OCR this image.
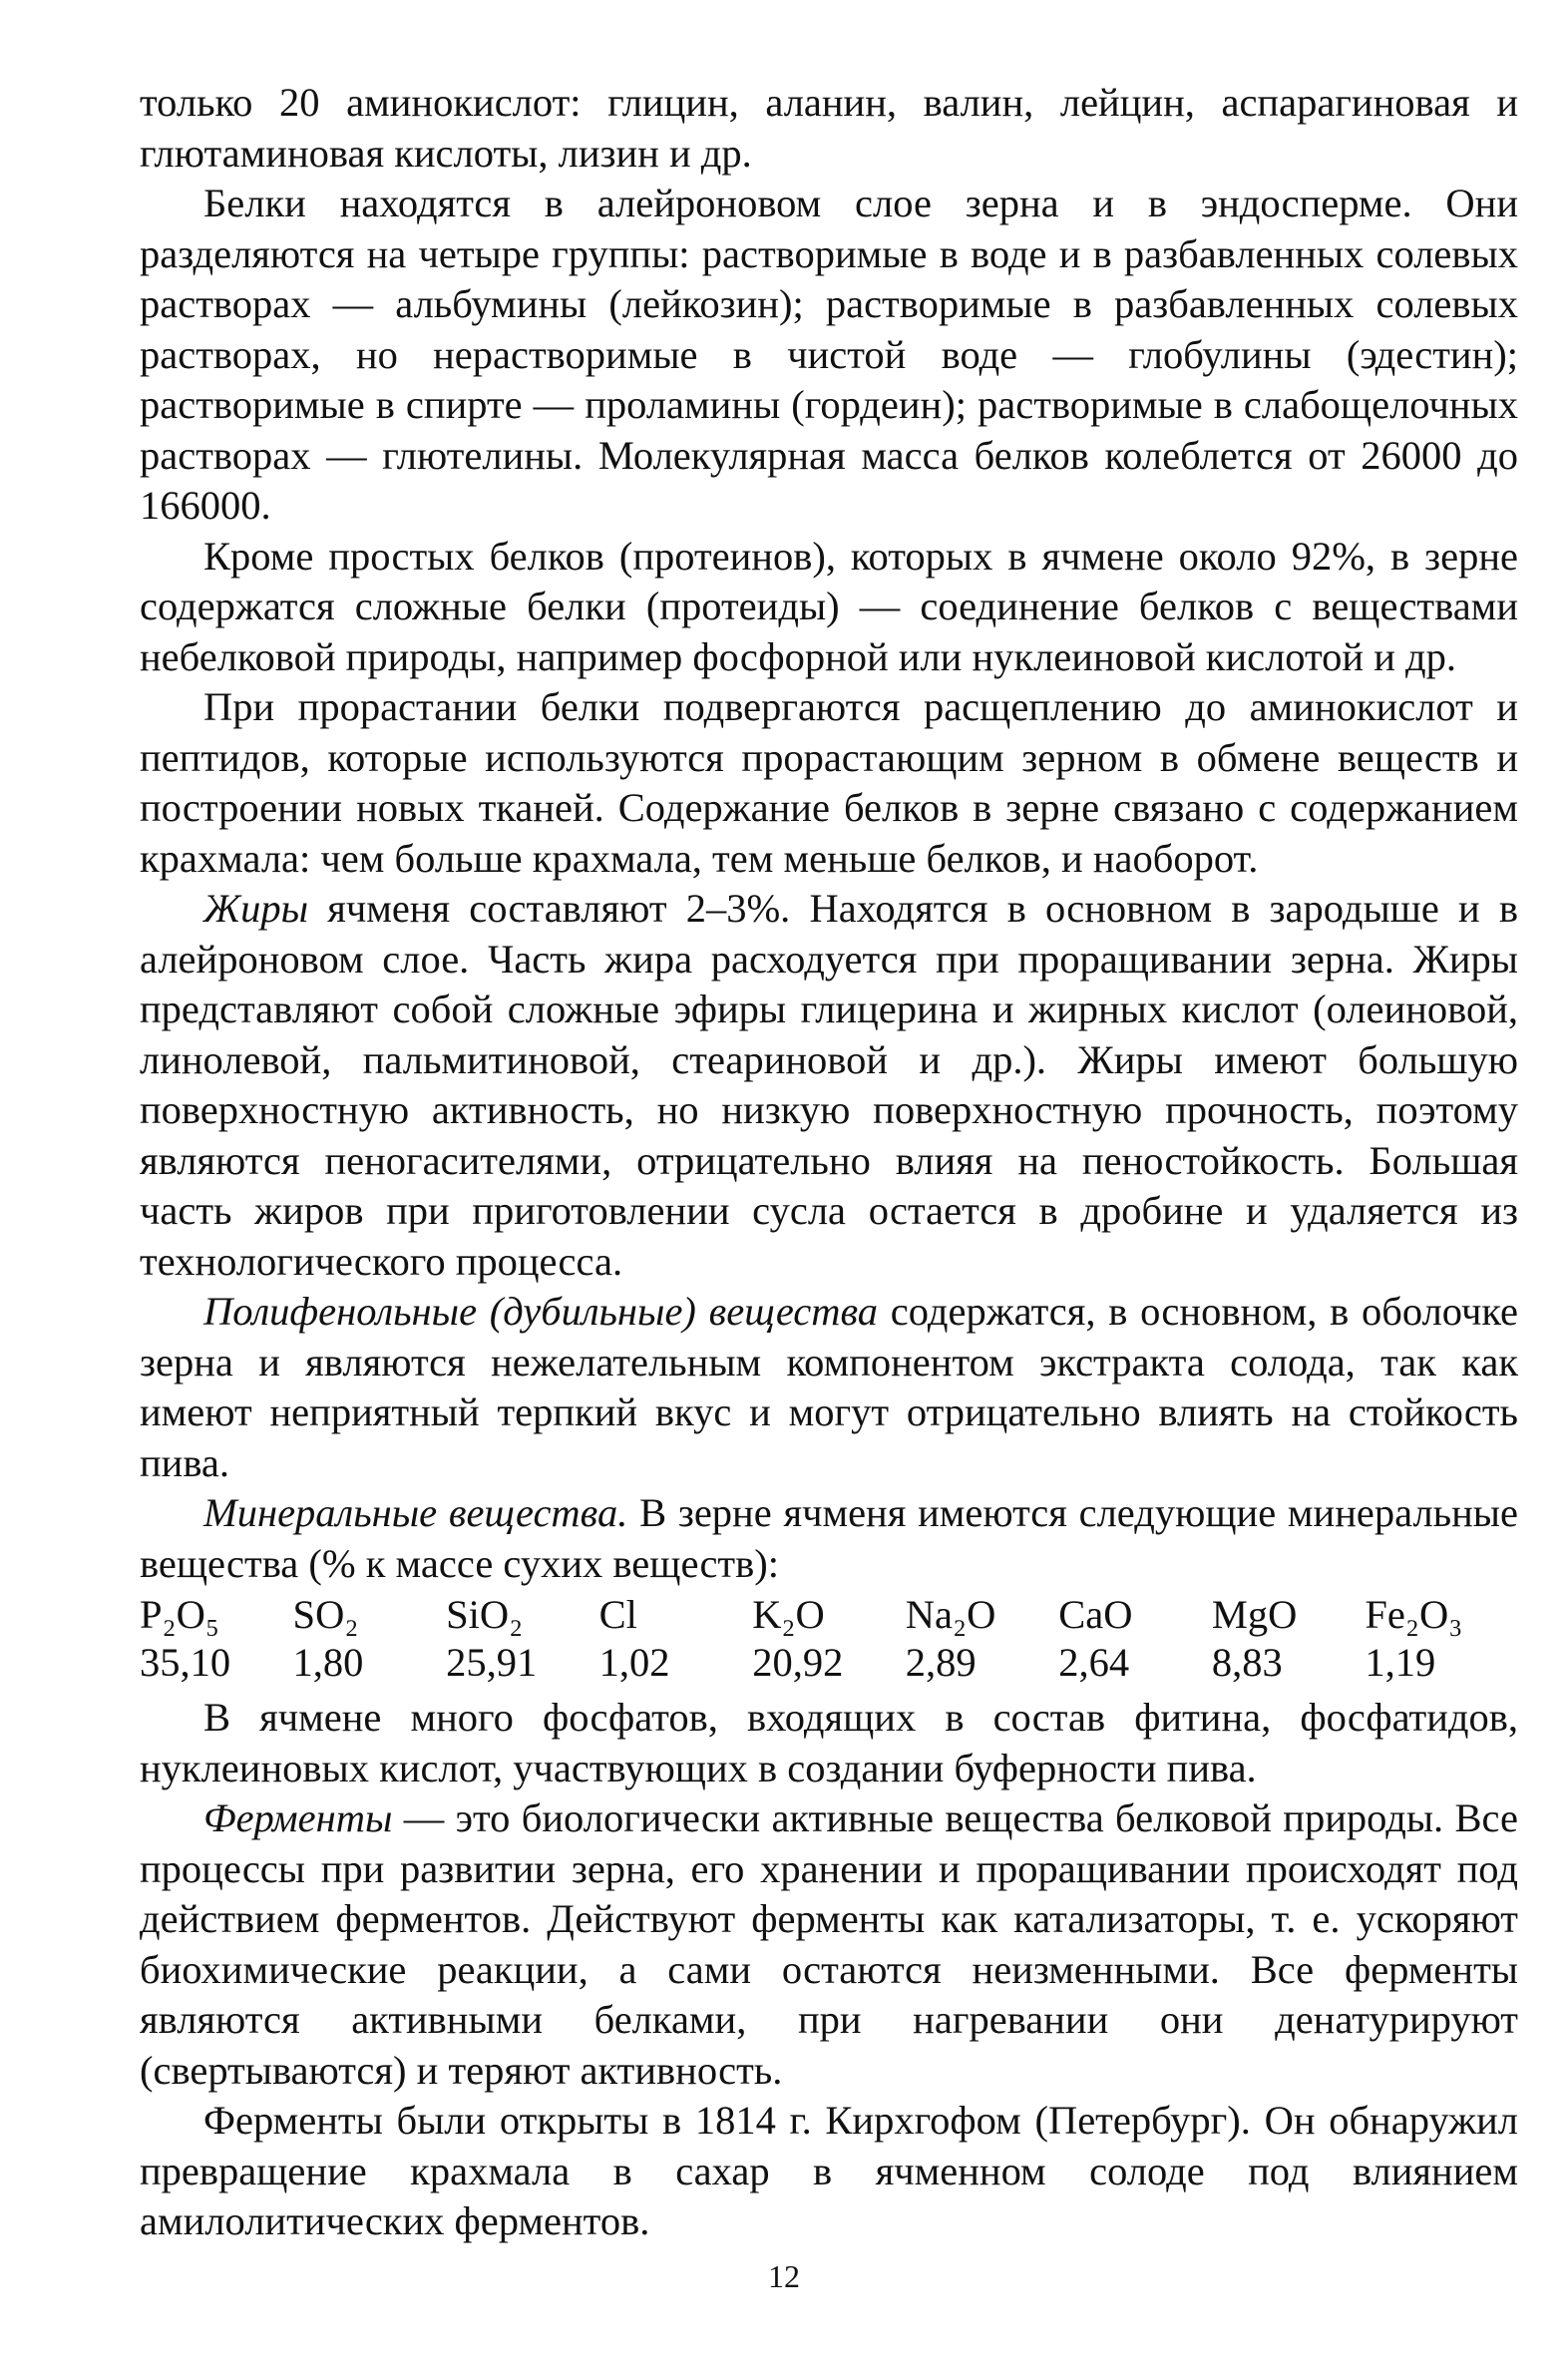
только 20 аминокислот: глицин, аланин, валин, лейцин, аспарагиновая и глютаминовая кислоты, лизин и др.

Белки находятся в алейроновом слое зерна и в эндосперме. Они разделяются на четыре группы: растворимые в воде и в разбавленных солевых растворах — альбумины (лейкозин); растворимые в разбавленных солевых растворах, но нерастворимые в чистой воде — глобулины (эдестин); растворимые в спирте — проламины (гордеин); растворимые в слабощелочных растворах — глютелины. Молекулярная масса белков колеблется от 26000 до 166000.

Кроме простых белков (протеинов), которых в ячмене около 92%, в зерне содержатся сложные белки (протеиды) — соединение белков с веществами небелковой природы, например фосфорной или нуклеиновой кислотой и др.

При прорастании белки подвергаются расщеплению до аминокислот и пептидов, которые используются прорастающим зерном в обмене веществ и построении новых тканей. Содержание белков в зерне связано с содержанием крахмала: чем больше крахмала, тем меньше белков, и наоборот.

Жиры ячменя составляют 2–3%. Находятся в основном в зародыше и в алейроновом слое. Часть жира расходуется при проращивании зерна. Жиры представляют собой сложные эфиры глицерина и жирных кислот (олеиновой, линолевой, пальмитиновой, стеариновой и др.). Жиры имеют большую поверхностную активность, но низкую поверхностную прочность, поэтому являются пеногасителями, отрицательно влияя на пеностойкость. Большая часть жиров при приготовлении сусла остается в дробине и удаляется из технологического процесса.

Полифенольные (дубильные) вещества содержатся, в основном, в оболочке зерна и являются нежелательным компонентом экстракта солода, так как имеют неприятный терпкий вкус и могут отрицательно влиять на стойкость пива.

Минеральные вещества. В зерне ячменя имеются следующие минеральные вещества (% к массе сухих веществ):

P₂O₅	SO₂	SiO₂	Cl	K₂O	Na₂O	CaO	MgO	Fe₂O₃
35,10	1,80	25,91	1,02	20,92	2,89	2,64	8,83	1,19

В ячмене много фосфатов, входящих в состав фитина, фосфатидов, нуклеиновых кислот, участвующих в создании буферности пива.

Ферменты — это биологически активные вещества белковой природы. Все процессы при развитии зерна, его хранении и проращивании происходят под действием ферментов. Действуют ферменты как катализаторы, т. е. ускоряют биохимические реакции, а сами остаются неизменными. Все ферменты являются активными белками, при нагревании они денатурируют (свертываются) и теряют активность.

Ферменты были открыты в 1814 г. Кирхгофом (Петербург). Он обнаружил превращение крахмала в сахар в ячменном солоде под влиянием амилолитических ферментов.

12
